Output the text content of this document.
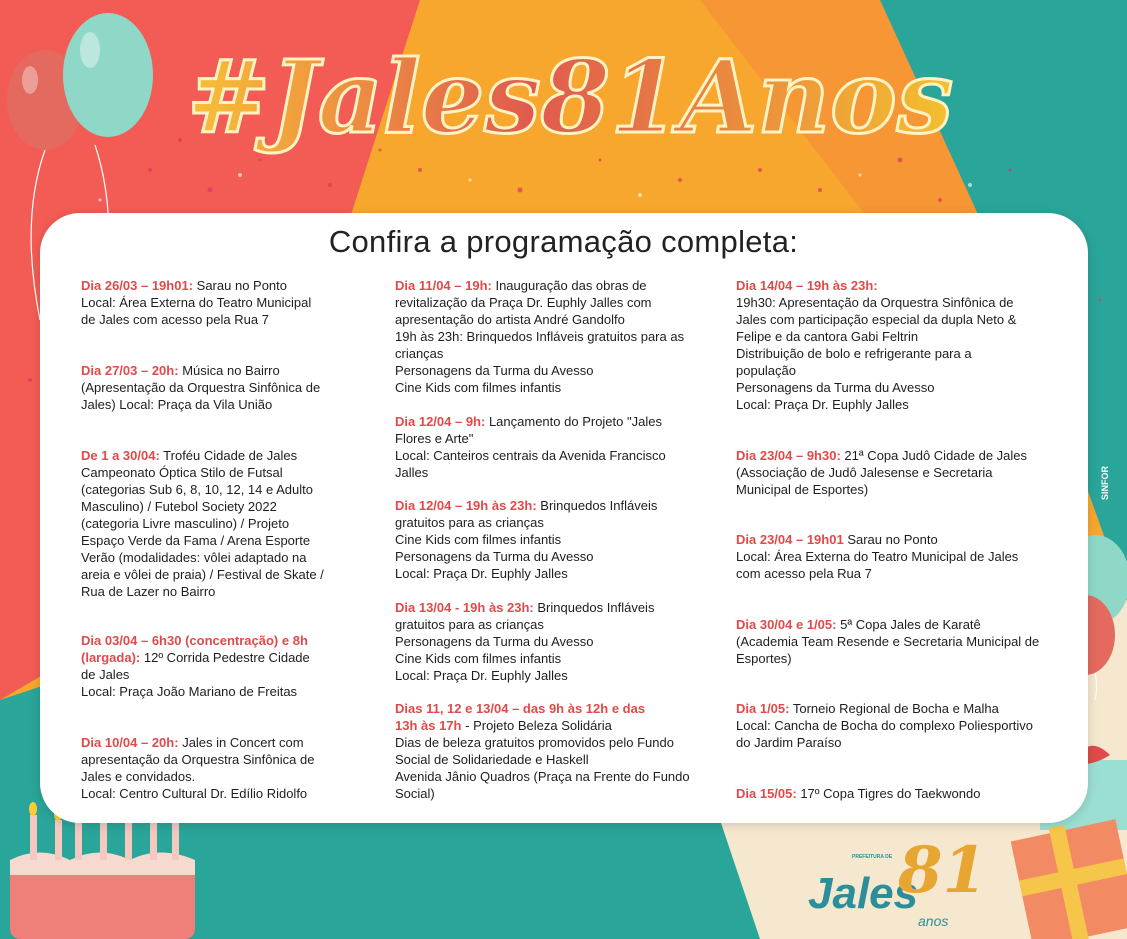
#Jales81Anos
Confira a programação completa:

Dia 26/03 – 19h01: Sarau no Ponto

Local: Área Externa do Teatro Municipal

de Jales com acesso pela Rua 7

Dia 27/03 – 20h: Música no Bairro

(Apresentação da Orquestra Sinfônica de

Jales) Local: Praça da Vila União

De 1 a 30/04: Troféu Cidade de Jales

Campeonato Óptica Stilo de Futsal

(categorias Sub 6, 8, 10, 12, 14 e Adulto

Masculino) / Futebol Society 2022

(categoria Livre masculino) / Projeto

Espaço Verde da Fama / Arena Esporte

Verão (modalidades: vôlei adaptado na

areia e vôlei de praia) / Festival de Skate /

Rua de Lazer no Bairro

Dia 03/04 – 6h30 (concentração) e 8h

(largada): 12º Corrida Pedestre Cidade

de Jales

Local: Praça João Mariano de Freitas

Dia 10/04 – 20h: Jales in Concert com

apresentação da Orquestra Sinfônica de

Jales e convidados.

Local: Centro Cultural Dr. Edílio Ridolfo

Dia 11/04 – 19h: Inauguração das obras de

revitalização da Praça Dr. Euphly Jalles com

apresentação do artista André Gandolfo

19h às 23h: Brinquedos Infláveis gratuitos para as

crianças

Personagens da Turma du Avesso

Cine Kids com filmes infantis

Dia 12/04 – 9h: Lançamento do Projeto "Jales

Flores e Arte"

Local: Canteiros centrais da Avenida Francisco

Jalles

Dia 12/04 – 19h às 23h: Brinquedos Infláveis

gratuitos para as crianças

Cine Kids com filmes infantis

Personagens da Turma du Avesso

Local: Praça Dr. Euphly Jalles

Dia 13/04 - 19h às 23h: Brinquedos Infláveis

gratuitos para as crianças

Personagens da Turma du Avesso

Cine Kids com filmes infantis

Local: Praça Dr. Euphly Jalles

Dias 11, 12 e 13/04 – das 9h às 12h e das

13h às 17h - Projeto Beleza Solidária

Dias de beleza gratuitos promovidos pelo Fundo

Social de Solidariedade e Haskell

Avenida Jânio Quadros (Praça na Frente do Fundo

Social)

Dia 14/04 – 19h às 23h:

19h30: Apresentação da Orquestra Sinfônica de

Jales com participação especial da dupla Neto &

Felipe e da cantora Gabi Feltrin

Distribuição de bolo e refrigerante para a

população

Personagens da Turma du Avesso

Local: Praça Dr. Euphly Jalles

Dia 23/04 – 9h30: 21ª Copa Judô Cidade de Jales

(Associação de Judô Jalesense e Secretaria

Municipal de Esportes)

Dia 23/04 – 19h01 Sarau no Ponto

Local: Área Externa do Teatro Municipal de Jales

com acesso pela Rua 7

Dia 30/04 e 1/05: 5ª Copa Jales de Karatê

(Academia Team Resende e Secretaria Municipal de

Esportes)

Dia 1/05: Torneio Regional de Bocha e Malha

Local: Cancha de Bocha do complexo Poliesportivo

do Jardim Paraíso

Dia 15/05: 17º Copa Tigres do Taekwondo

SINFOR
PREFEITURA DE
Jales
81
anos
